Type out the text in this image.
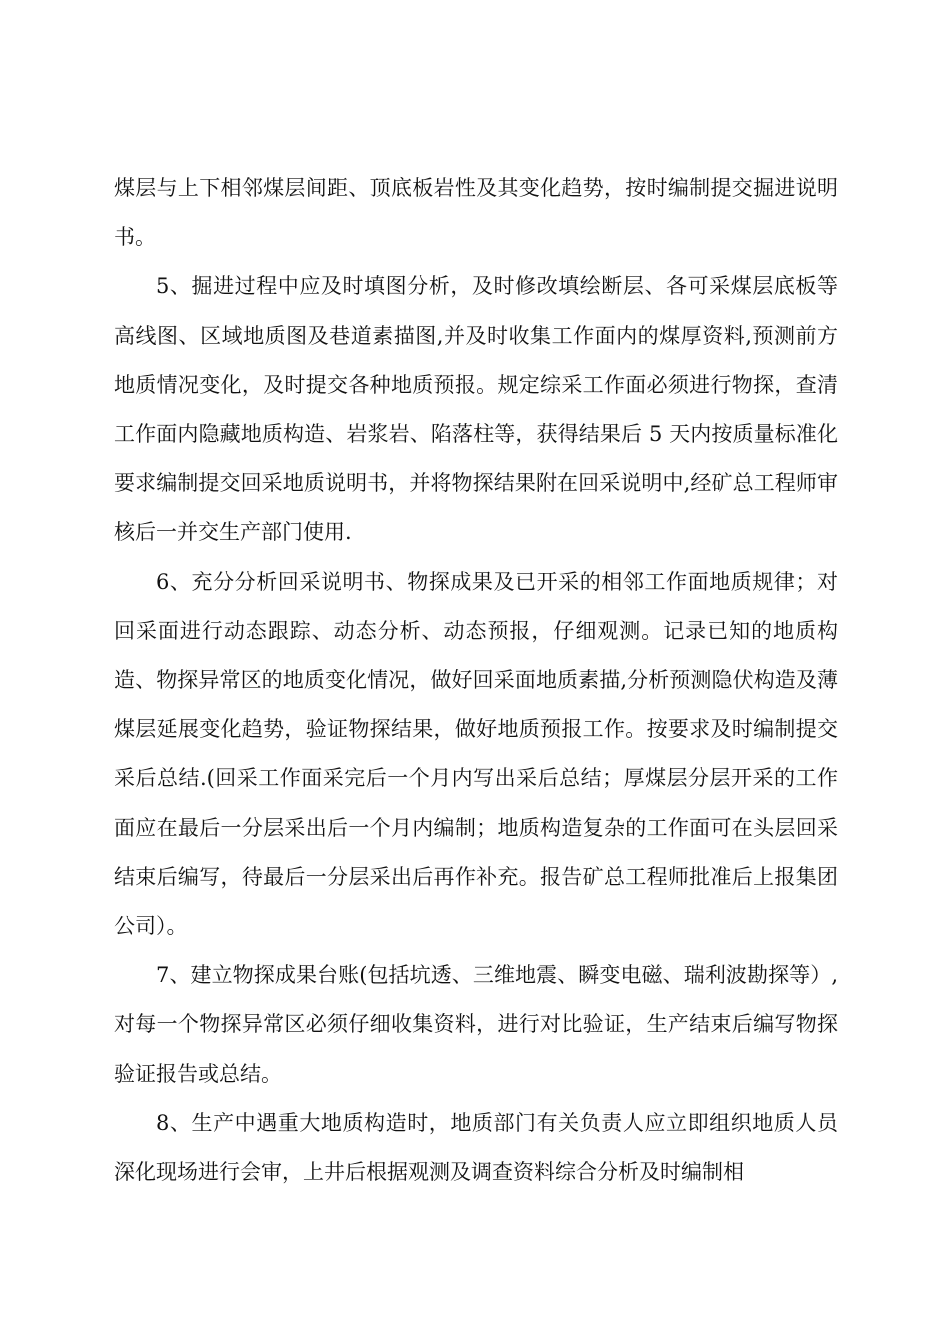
煤层与上下相邻煤层间距、顶底板岩性及其变化趋势，按时编制提交掘进说明书。

5、掘进过程中应及时填图分析，及时修改填绘断层、各可采煤层底板等高线图、区域地质图及巷道素描图,并及时收集工作面内的煤厚资料,预测前方地质情况变化，及时提交各种地质预报。规定综采工作面必须进行物探，查清工作面内隐藏地质构造、岩浆岩、陷落柱等，获得结果后 5 天内按质量标准化要求编制提交回采地质说明书，并将物探结果附在回采说明中,经矿总工程师审核后一并交生产部门使用.

6、充分分析回采说明书、物探成果及已开采的相邻工作面地质规律；对回采面进行动态跟踪、动态分析、动态预报，仔细观测。记录已知的地质构造、物探异常区的地质变化情况，做好回采面地质素描,分析预测隐伏构造及薄煤层延展变化趋势，验证物探结果，做好地质预报工作。按要求及时编制提交采后总结.(回采工作面采完后一个月内写出采后总结；厚煤层分层开采的工作面应在最后一分层采出后一个月内编制；地质构造复杂的工作面可在头层回采结束后编写，待最后一分层采出后再作补充。报告矿总工程师批准后上报集团公司）。

7、建立物探成果台账(包括坑透、三维地震、瞬变电磁、瑞利波勘探等）,对每一个物探异常区必须仔细收集资料，进行对比验证，生产结束后编写物探验证报告或总结。

8、生产中遇重大地质构造时，地质部门有关负责人应立即组织地质人员深化现场进行会审，上井后根据观测及调查资料综合分析及时编制相
